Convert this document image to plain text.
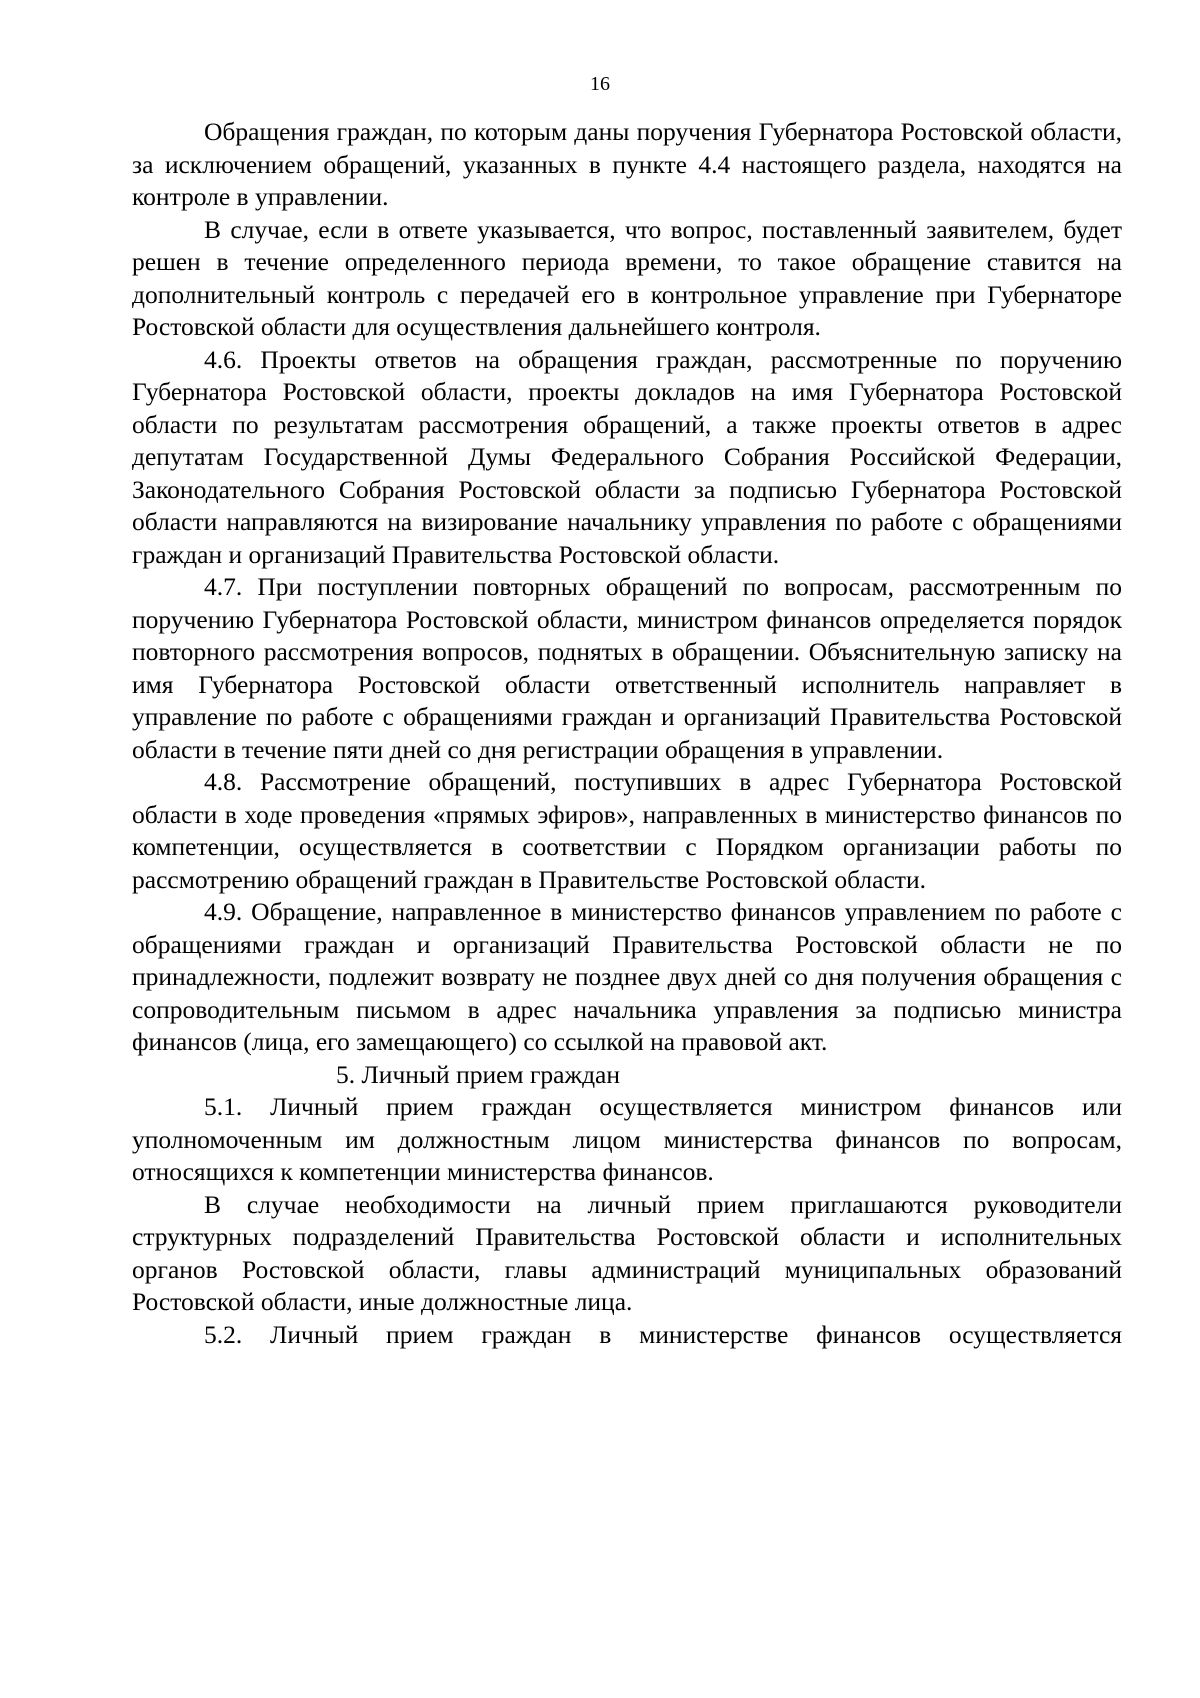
16

Обращения граждан, по которым даны поручения Губернатора Ростовской области, за исключением обращений, указанных в пункте 4.4 настоящего раздела, находятся на контроле в управлении.

В случае, если в ответе указывается, что вопрос, поставленный заявителем, будет решен в течение определенного периода времени, то такое обращение ставится на дополнительный контроль с передачей его в контрольное управление при Губернаторе Ростовской области для осуществления дальнейшего контроля.

4.6. Проекты ответов на обращения граждан, рассмотренные по поручению Губернатора Ростовской области, проекты докладов на имя Губернатора Ростовской области по результатам рассмотрения обращений, а также проекты ответов в адрес депутатам Государственной Думы Федерального Собрания Российской Федерации, Законодательного Собрания Ростовской области за подписью Губернатора Ростовской области направляются на визирование начальнику управления по работе с обращениями граждан и организаций Правительства Ростовской области.

4.7. При поступлении повторных обращений по вопросам, рассмотренным по поручению Губернатора Ростовской области, министром финансов определяется порядок повторного рассмотрения вопросов, поднятых в обращении. Объяснительную записку на имя Губернатора Ростовской области ответственный исполнитель направляет в управление по работе с обращениями граждан и организаций Правительства Ростовской области в течение пяти дней со дня регистрации обращения в управлении.

4.8. Рассмотрение обращений, поступивших в адрес Губернатора Ростовской области в ходе проведения «прямых эфиров», направленных в министерство финансов по компетенции, осуществляется в соответствии с Порядком организации работы по рассмотрению обращений граждан в Правительстве Ростовской области.

4.9. Обращение, направленное в министерство финансов управлением по работе с обращениями граждан и организаций Правительства Ростовской области не по принадлежности, подлежит возврату не позднее двух дней со дня получения обращения с сопроводительным письмом в адрес начальника управления за подписью министра финансов (лица, его замещающего) со ссылкой на правовой акт.

5. Личный прием граждан

5.1. Личный прием граждан осуществляется министром финансов или уполномоченным им должностным лицом министерства финансов по вопросам, относящихся к компетенции министерства финансов.

В случае необходимости на личный прием приглашаются руководители структурных подразделений Правительства Ростовской области и исполнительных органов Ростовской области, главы администраций муниципальных образований Ростовской области, иные должностные лица.

5.2. Личный прием граждан в министерстве финансов осуществляется
